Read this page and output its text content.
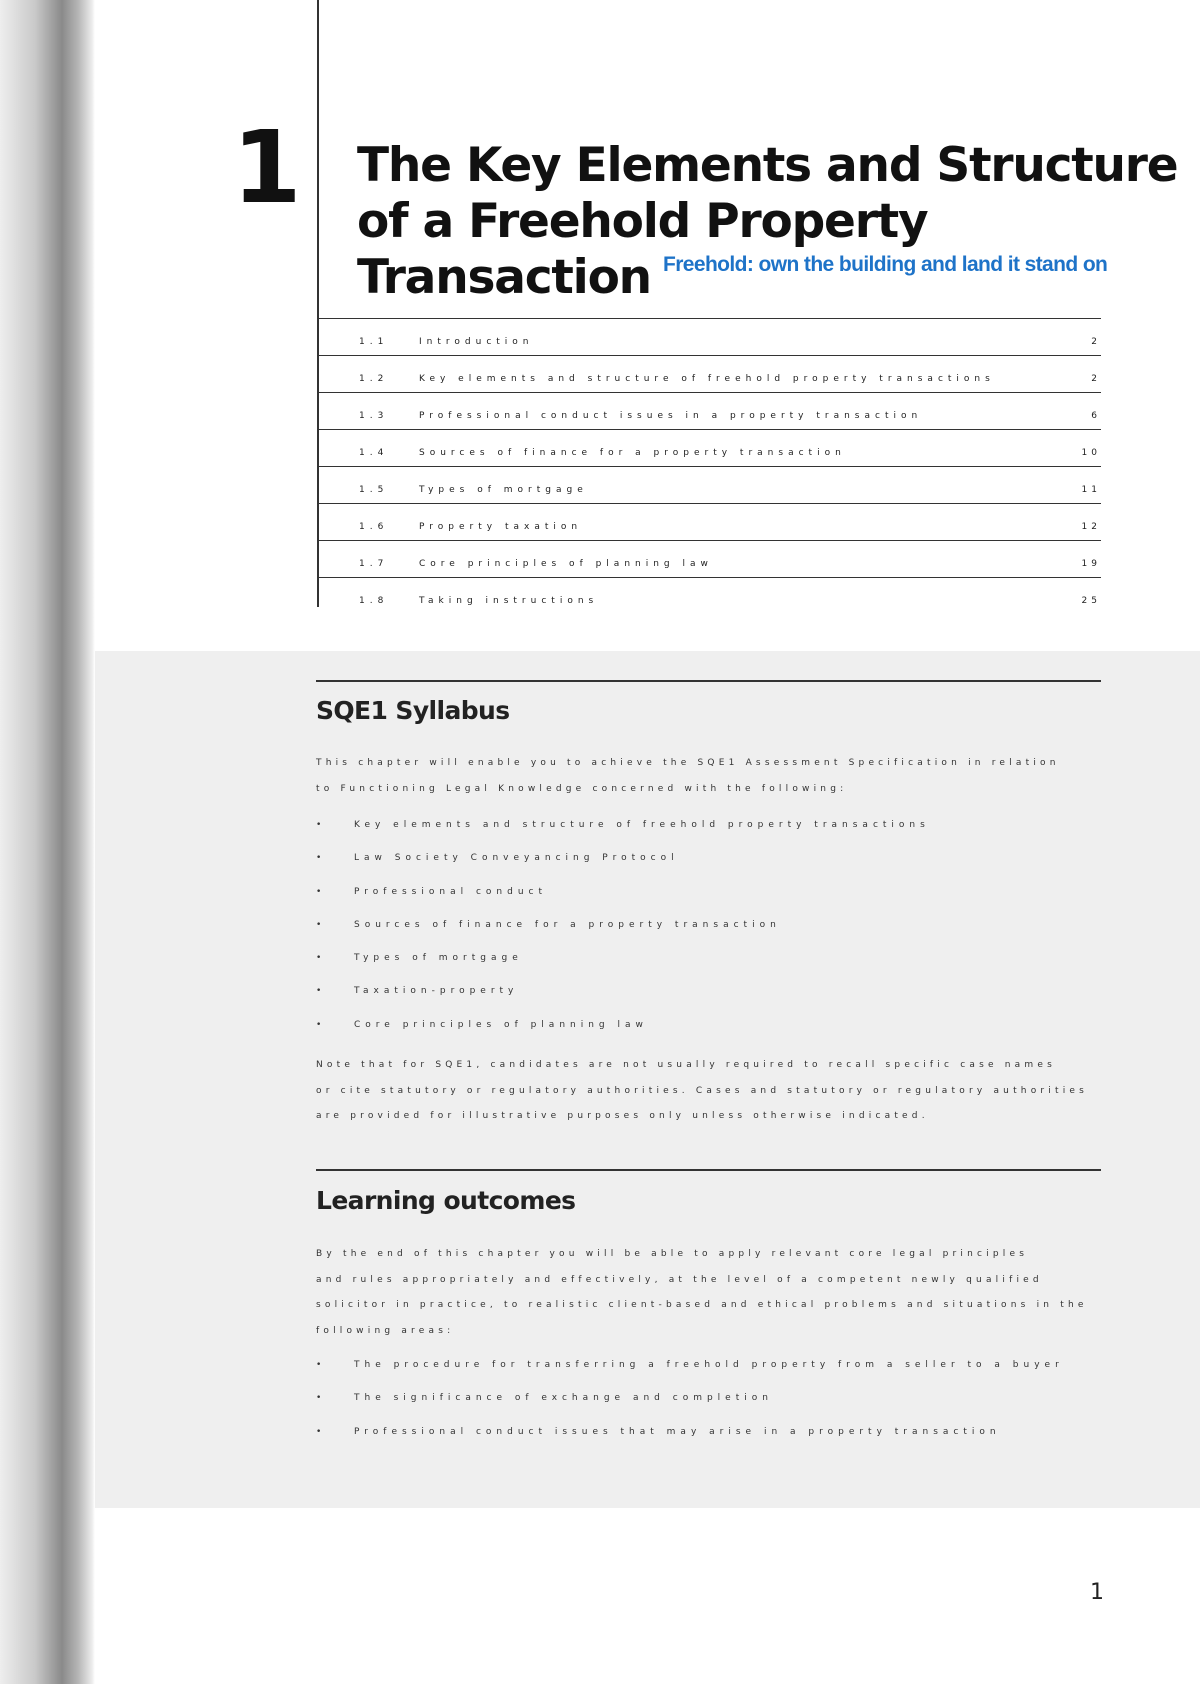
1 The Key Elements and Structure
of a Freehold Property
Transaction Freehold: own the building and land it stand on
1.1	Introduction	2
1.2	Key elements and structure of freehold property transactions	2
1.3	Professional conduct issues in a property transaction	6
1.4	Sources of finance for a property transaction	10
1.5	Types of mortgage	11
1.6	Property taxation	12
1.7	Core principles of planning law	19
1.8	Taking instructions	25
SQE1 Syllabus

This chapter will enable you to achieve the SQE1 Assessment Specification in relation

to Functioning Legal Knowledge concerned with the following:

•	Key elements and structure of freehold property transactions
•	Law Society Conveyancing Protocol
•	Professional conduct
•	Sources of finance for a property transaction
•	Types of mortgage
•	Taxation-property
•	Core principles of planning law

Note that for SQE1, candidates are not usually required to recall specific case names

or cite statutory or regulatory authorities. Cases and statutory or regulatory authorities

are provided for illustrative purposes only unless otherwise indicated.

Learning outcomes

By the end of this chapter you will be able to apply relevant core legal principles

and rules appropriately and effectively, at the level of a competent newly qualified

solicitor in practice, to realistic client-based and ethical problems and situations in the

following areas:

•	The procedure for transferring a freehold property from a seller to a buyer
•	The significance of exchange and completion
•	Professional conduct issues that may arise in a property transaction
1
